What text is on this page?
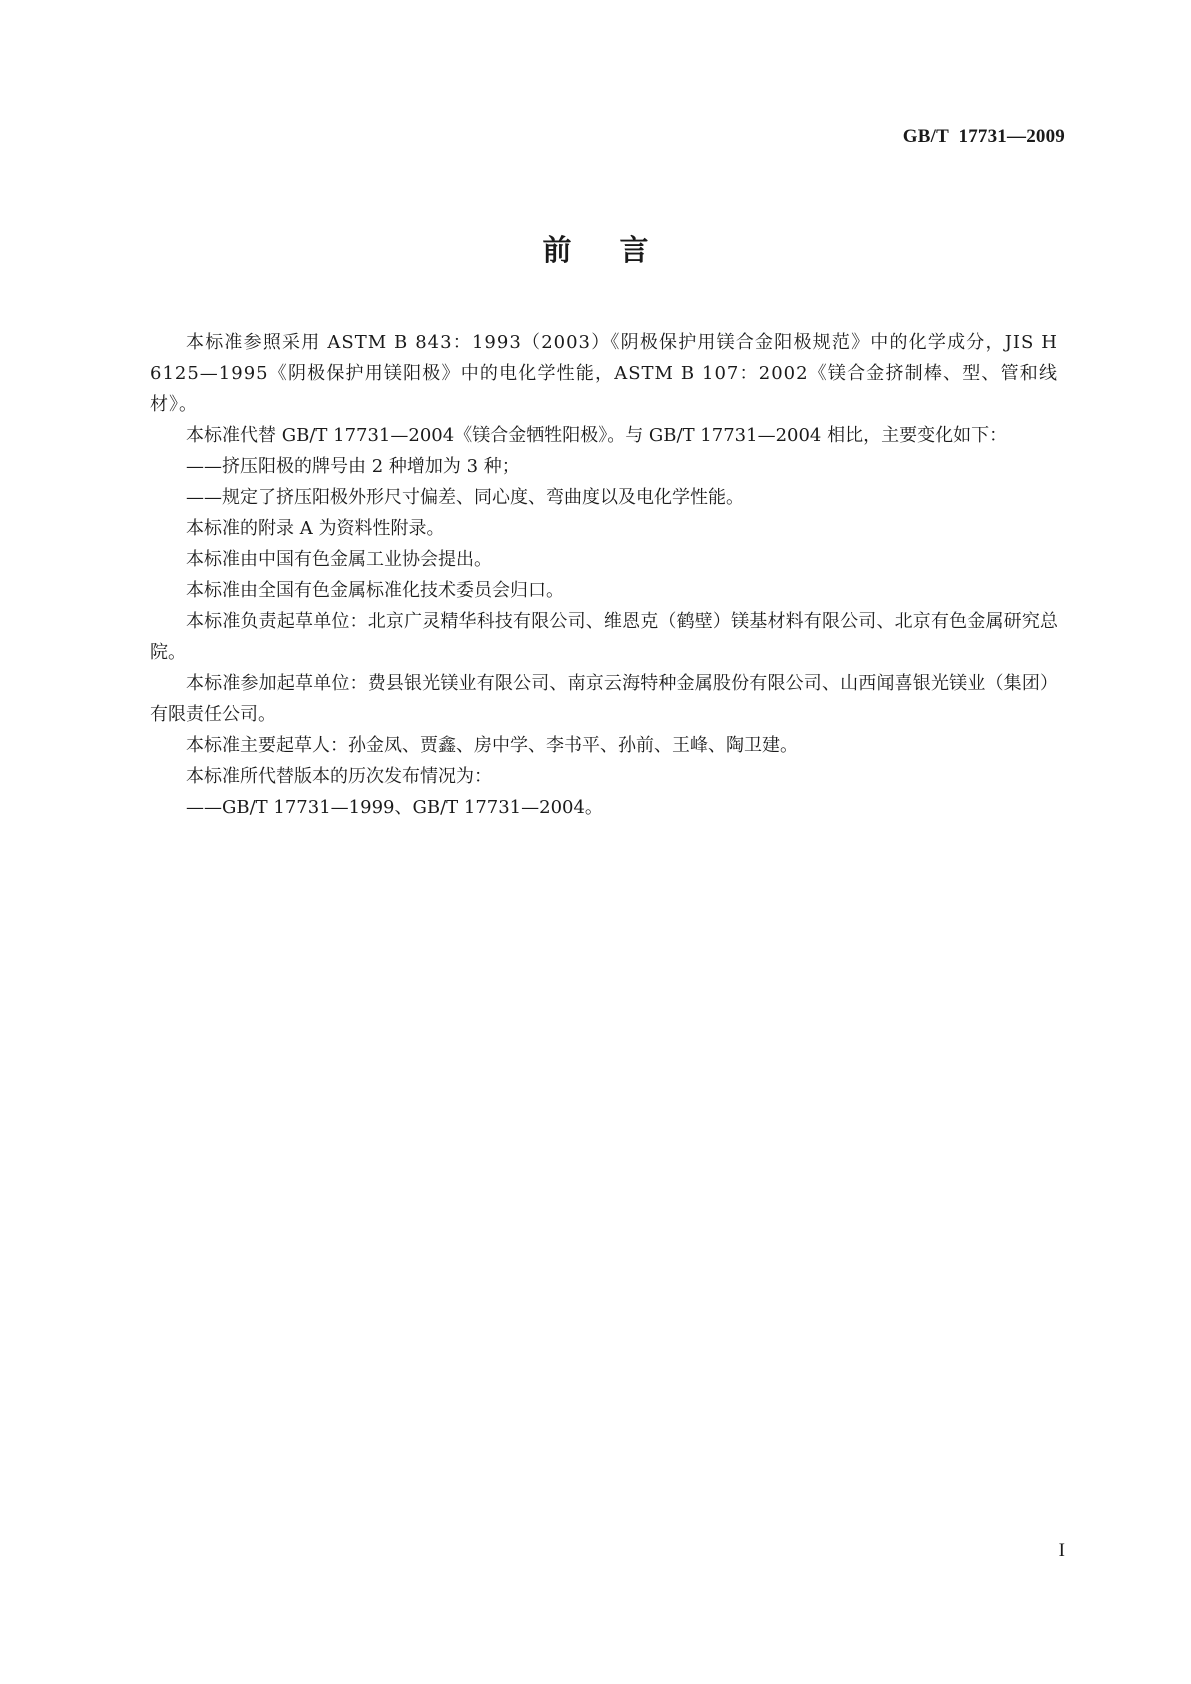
GB/T  17731—2009
前言

本标准参照采用 ASTM B 843：1993（2003）《阴极保护用镁合金阳极规范》中的化学成分，JIS H 6125—1995《阴极保护用镁阳极》中的电化学性能，ASTM B 107：2002《镁合金挤制棒、型、管和线材》。

本标准代替 GB/T 17731—2004《镁合金牺牲阳极》。与 GB/T 17731—2004 相比，主要变化如下：

——挤压阳极的牌号由 2 种增加为 3 种；

——规定了挤压阳极外形尺寸偏差、同心度、弯曲度以及电化学性能。

本标准的附录 A 为资料性附录。

本标准由中国有色金属工业协会提出。

本标准由全国有色金属标准化技术委员会归口。

本标准负责起草单位：北京广灵精华科技有限公司、维恩克（鹤壁）镁基材料有限公司、北京有色金属研究总院。

本标准参加起草单位：费县银光镁业有限公司、南京云海特种金属股份有限公司、山西闻喜银光镁业（集团）有限责任公司。

本标准主要起草人：孙金凤、贾鑫、房中学、李书平、孙前、王峰、陶卫建。

本标准所代替版本的历次发布情况为：

——GB/T 17731—1999、GB/T 17731—2004。

I
